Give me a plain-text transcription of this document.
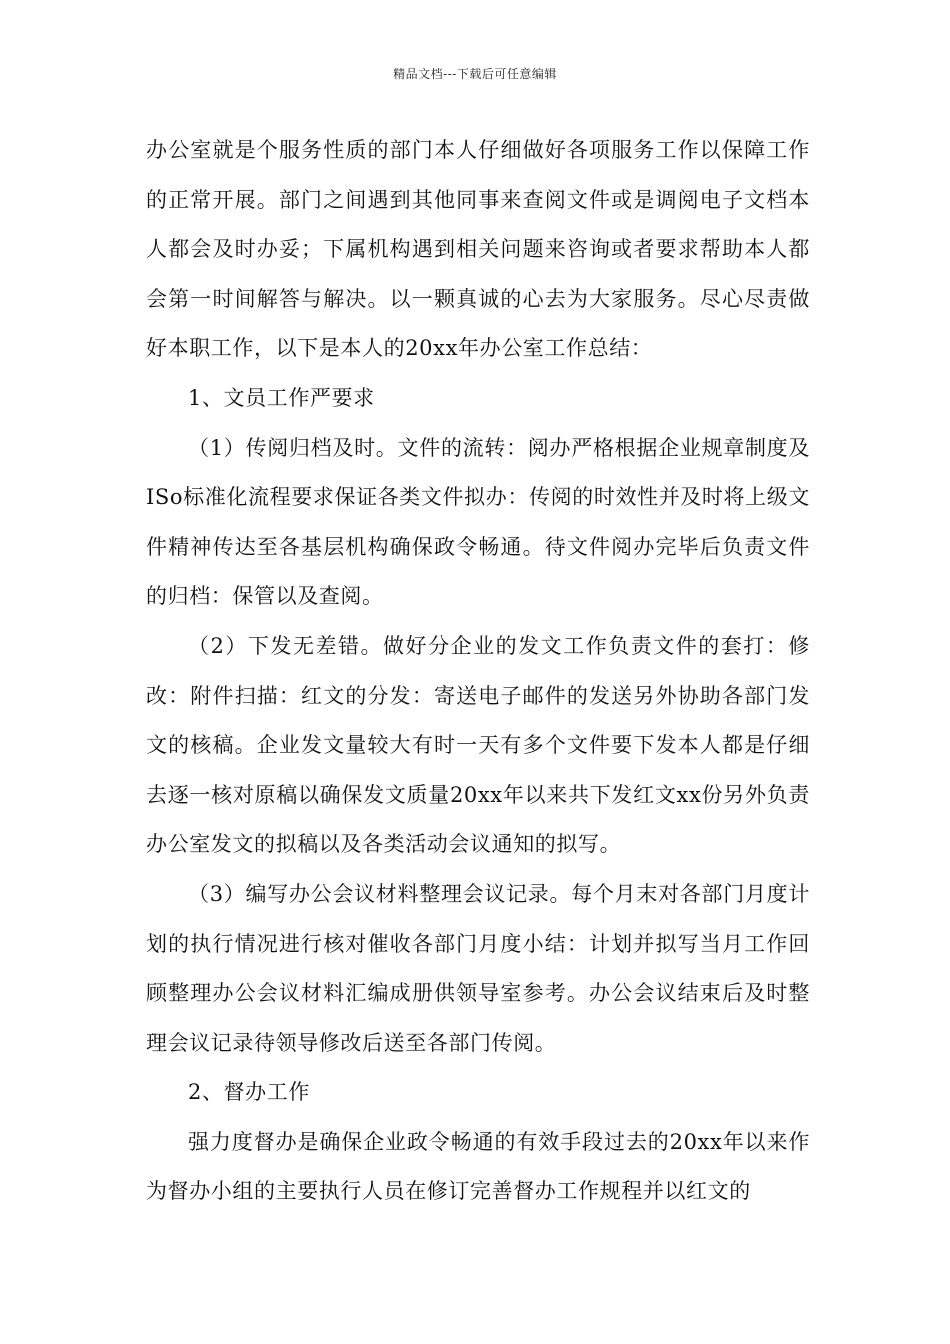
精品文档---下载后可任意编辑

办公室就是个服务性质的部门本人仔细做好各项服务工作以保障工作的正常开展。部门之间遇到其他同事来查阅文件或是调阅电子文档本人都会及时办妥；下属机构遇到相关问题来咨询或者要求帮助本人都会第一时间解答与解决。以一颗真诚的心去为大家服务。尽心尽责做好本职工作，以下是本人的20xx年办公室工作总结：

1、文员工作严要求

（1）传阅归档及时。文件的流转：阅办严格根据企业规章制度及ISo标准化流程要求保证各类文件拟办：传阅的时效性并及时将上级文件精神传达至各基层机构确保政令畅通。待文件阅办完毕后负责文件的归档：保管以及查阅。

（2）下发无差错。做好分企业的发文工作负责文件的套打：修改：附件扫描：红文的分发：寄送电子邮件的发送另外协助各部门发文的核稿。企业发文量较大有时一天有多个文件要下发本人都是仔细去逐一核对原稿以确保发文质量20xx年以来共下发红文xx份另外负责办公室发文的拟稿以及各类活动会议通知的拟写。

（3）编写办公会议材料整理会议记录。每个月末对各部门月度计划的执行情况进行核对催收各部门月度小结：计划并拟写当月工作回顾整理办公会议材料汇编成册供领导室参考。办公会议结束后及时整理会议记录待领导修改后送至各部门传阅。

2、督办工作

强力度督办是确保企业政令畅通的有效手段过去的20xx年以来作为督办小组的主要执行人员在修订完善督办工作规程并以红文的
